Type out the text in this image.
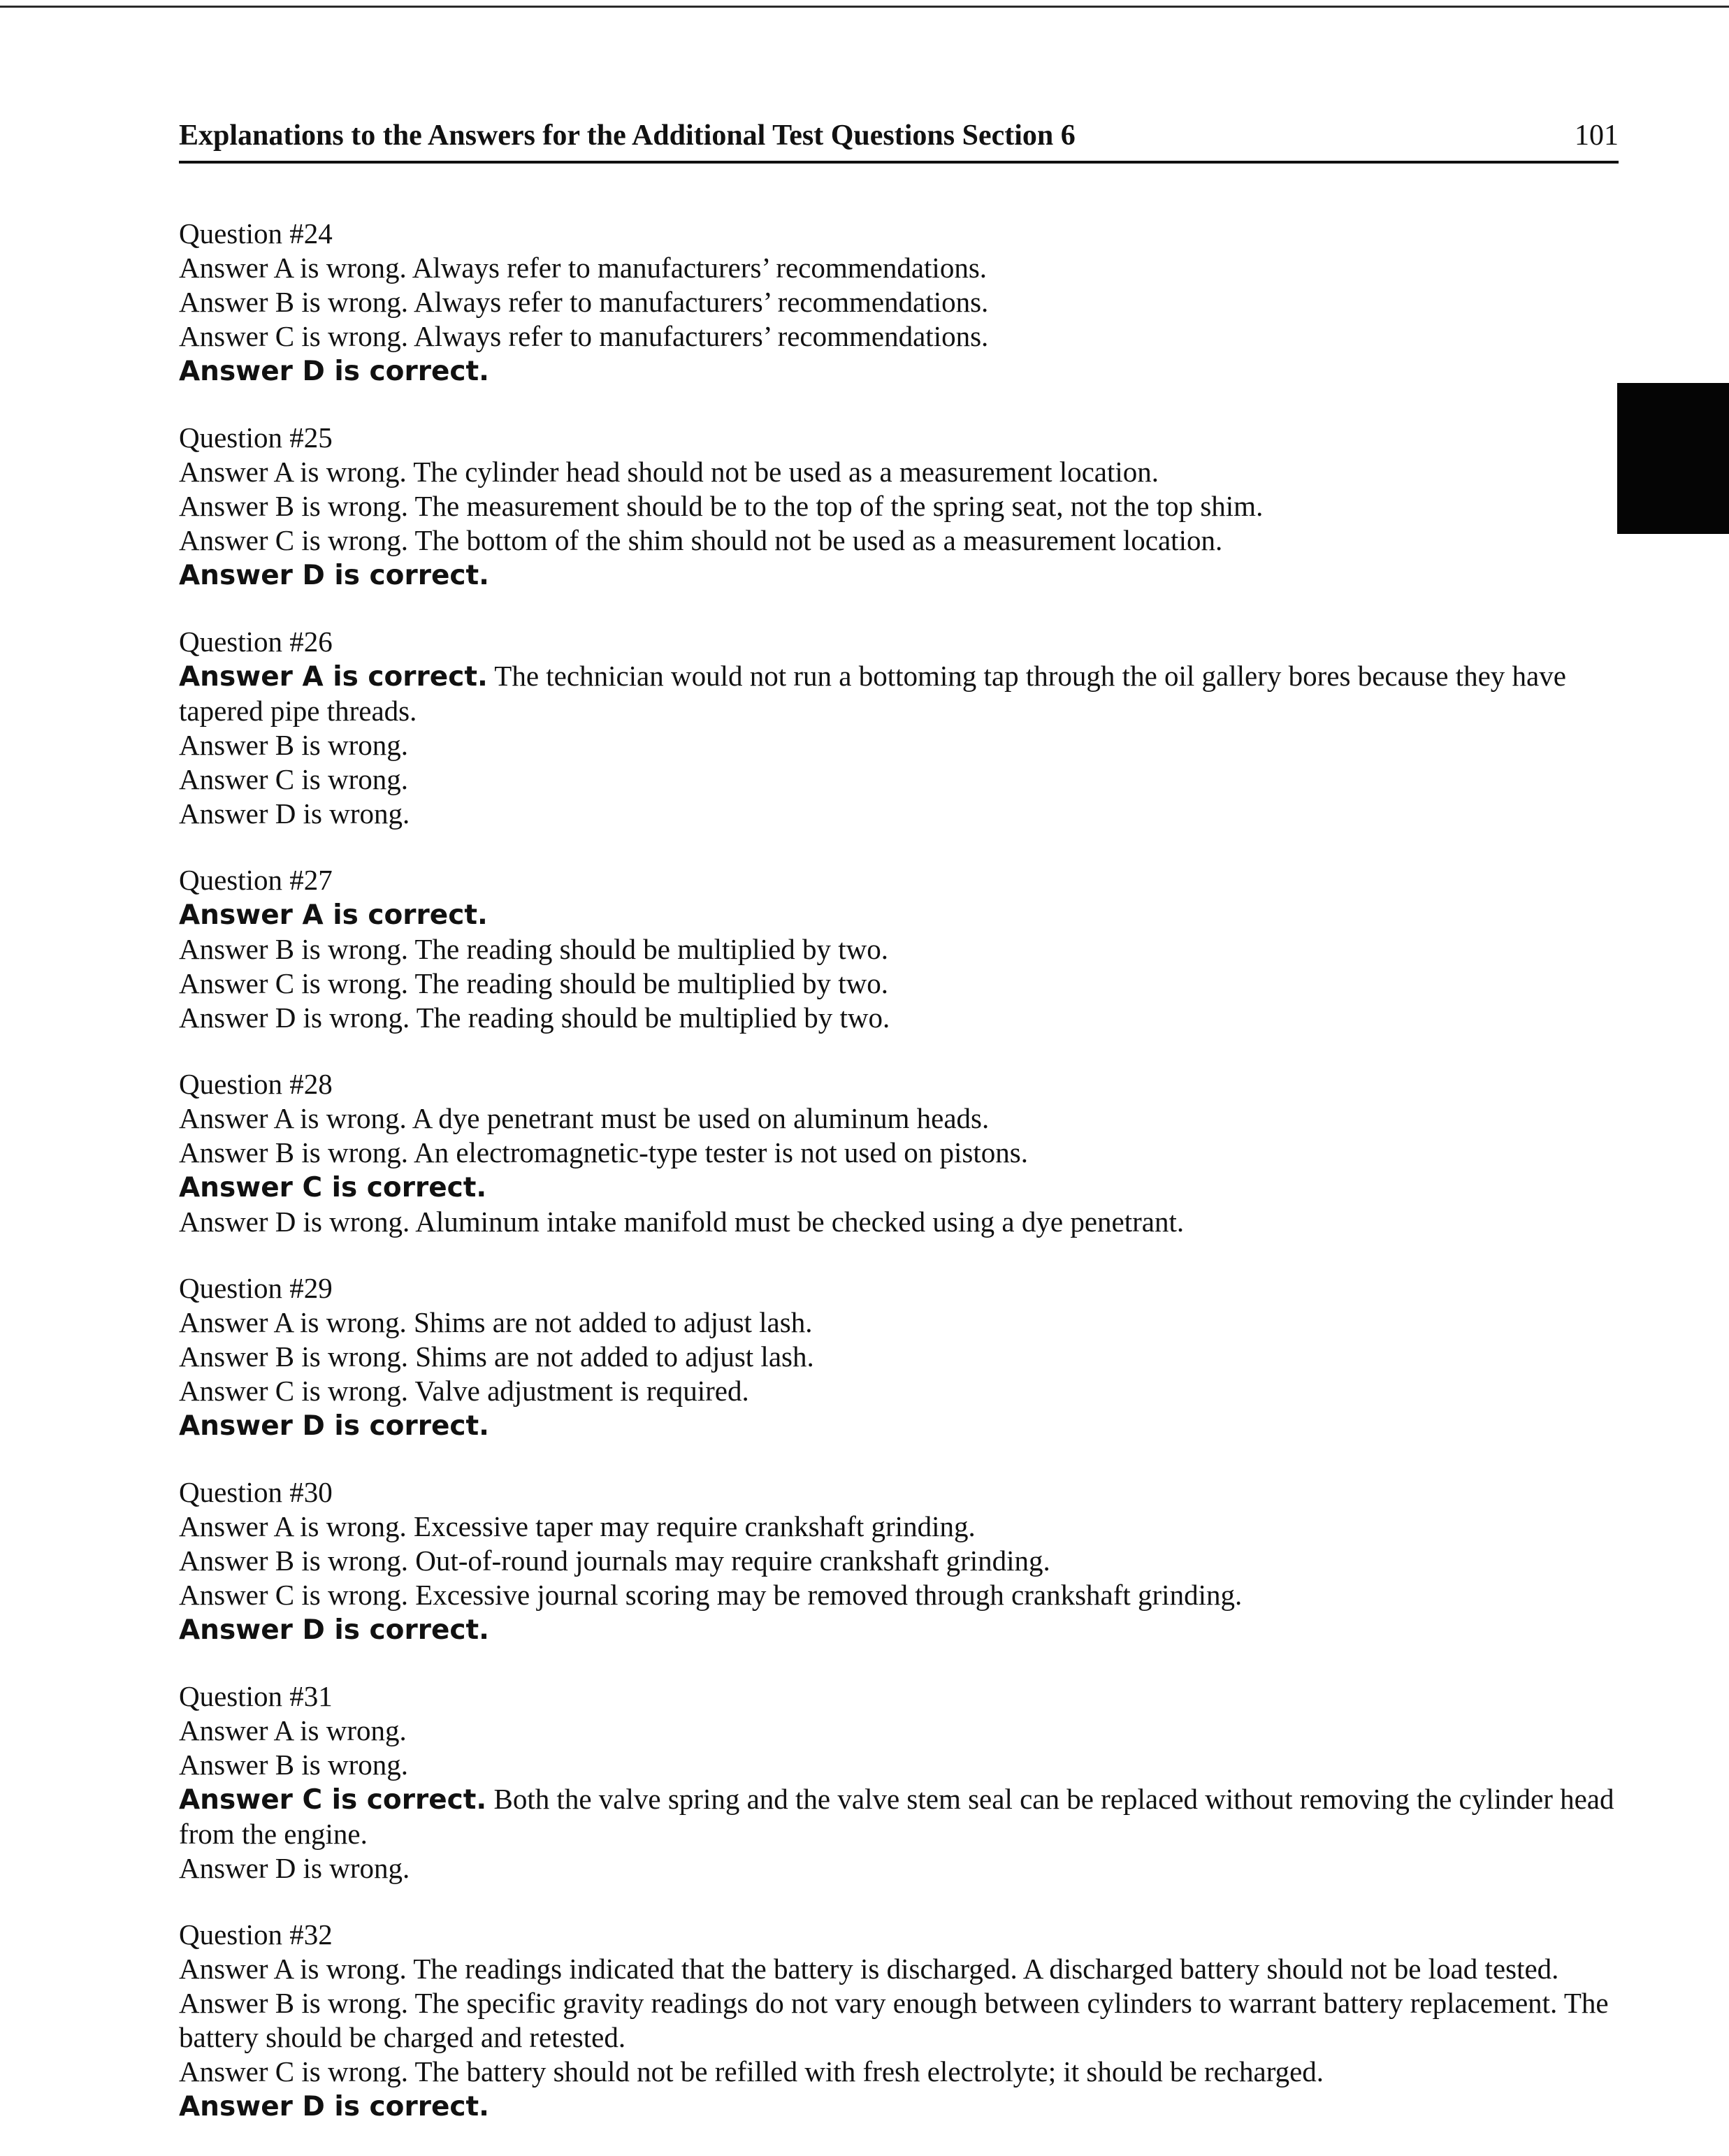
Explanations to the Answers for the Additional Test Questions Section 6	101
Question #24
Answer A is wrong. Always refer to manufacturers’ recommendations.
Answer B is wrong. Always refer to manufacturers’ recommendations.
Answer C is wrong. Always refer to manufacturers’ recommendations.
Answer D is correct.
Question #25
Answer A is wrong. The cylinder head should not be used as a measurement location.
Answer B is wrong. The measurement should be to the top of the spring seat, not the top shim.
Answer C is wrong. The bottom of the shim should not be used as a measurement location.
Answer D is correct.
Question #26
Answer A is correct. The technician would not run a bottoming tap through the oil gallery bores because they have tapered pipe threads.
Answer B is wrong.
Answer C is wrong.
Answer D is wrong.
Question #27
Answer A is correct.
Answer B is wrong. The reading should be multiplied by two.
Answer C is wrong. The reading should be multiplied by two.
Answer D is wrong. The reading should be multiplied by two.
Question #28
Answer A is wrong. A dye penetrant must be used on aluminum heads.
Answer B is wrong. An electromagnetic-type tester is not used on pistons.
Answer C is correct.
Answer D is wrong. Aluminum intake manifold must be checked using a dye penetrant.
Question #29
Answer A is wrong. Shims are not added to adjust lash.
Answer B is wrong. Shims are not added to adjust lash.
Answer C is wrong. Valve adjustment is required.
Answer D is correct.
Question #30
Answer A is wrong. Excessive taper may require crankshaft grinding.
Answer B is wrong. Out-of-round journals may require crankshaft grinding.
Answer C is wrong. Excessive journal scoring may be removed through crankshaft grinding.
Answer D is correct.
Question #31
Answer A is wrong.
Answer B is wrong.
Answer C is correct. Both the valve spring and the valve stem seal can be replaced without removing the cylinder head from the engine.
Answer D is wrong.
Question #32
Answer A is wrong. The readings indicated that the battery is discharged. A discharged battery should not be load tested.
Answer B is wrong. The specific gravity readings do not vary enough between cylinders to warrant battery replacement. The battery should be charged and retested.
Answer C is wrong. The battery should not be refilled with fresh electrolyte; it should be recharged.
Answer D is correct.
